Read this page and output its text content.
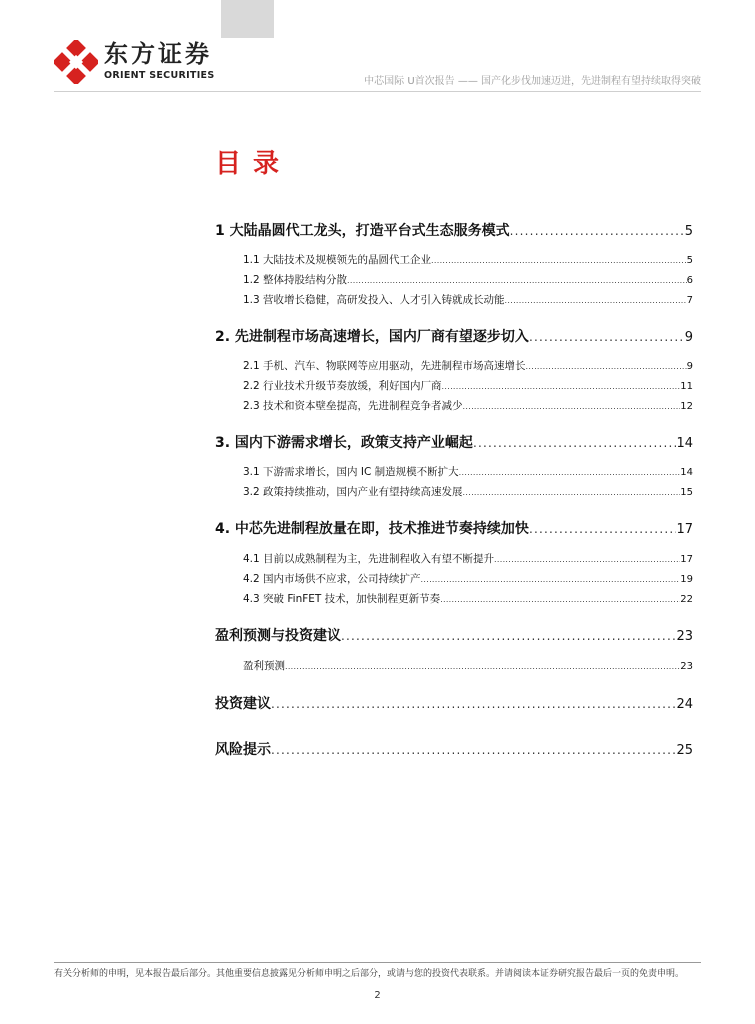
东方证券
ORIENT SECURITIES
中芯国际 U首次报告 —— 国产化步伐加速迈进，先进制程有望持续取得突破
目录
1 大陆晶圆代工龙头，打造平台式生态服务模式 .....	5
1.1 大陆技术及规模领先的晶圆代工企业 .....	5
1.2 整体持股结构分散 .....	6
1.3 营收增长稳健，高研发投入、人才引入铸就成长动能 .....	7
2. 先进制程市场高速增长，国内厂商有望逐步切入 .....	9
2.1 手机、汽车、物联网等应用驱动，先进制程市场高速增长 .....	9
2.2 行业技术升级节奏放缓，利好国内厂商 .....	11
2.3 技术和资本壁垒提高，先进制程竞争者减少 .....	12
3. 国内下游需求增长，政策支持产业崛起 .....	14
3.1 下游需求增长，国内 IC 制造规模不断扩大 .....	14
3.2 政策持续推动，国内产业有望持续高速发展 .....	15
4. 中芯先进制程放量在即，技术推进节奏持续加快 .....	17
4.1 目前以成熟制程为主，先进制程收入有望不断提升 .....	17
4.2 国内市场供不应求，公司持续扩产 .....	19
4.3 突破 FinFET 技术，加快制程更新节奏 .....	22
盈利预测与投资建议 .....	23
盈利预测 .....	23
投资建议 .....	24
风险提示 .....	25
有关分析师的申明，见本报告最后部分。其他重要信息披露见分析师申明之后部分，或请与您的投资代表联系。并请阅读本证券研究报告最后一页的免责申明。
2
